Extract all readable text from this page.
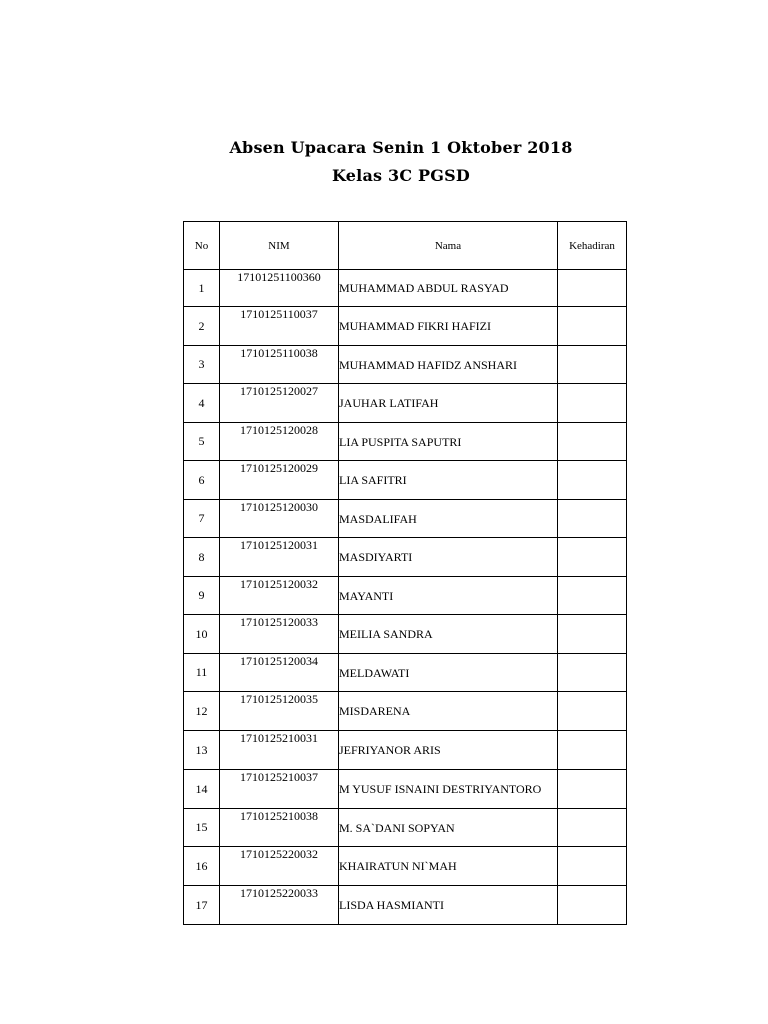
Absen Upacara Senin 1 Oktober 2018
Kelas 3C PGSD
No	NIM	Nama	Kehadiran
1	17101251100360	MUHAMMAD ABDUL RASYAD	
2	1710125110037	MUHAMMAD FIKRI HAFIZI	
3	1710125110038	MUHAMMAD HAFIDZ ANSHARI	
4	1710125120027	JAUHAR LATIFAH	
5	1710125120028	LIA PUSPITA SAPUTRI	
6	1710125120029	LIA SAFITRI	
7	1710125120030	MASDALIFAH	
8	1710125120031	MASDIYARTI	
9	1710125120032	MAYANTI	
10	1710125120033	MEILIA SANDRA	
11	1710125120034	MELDAWATI	
12	1710125120035	MISDARENA	
13	1710125210031	JEFRIYANOR ARIS	
14	1710125210037	M YUSUF ISNAINI DESTRIYANTORO	
15	1710125210038	M. SA`DANI SOPYAN	
16	1710125220032	KHAIRATUN NI`MAH	
17	1710125220033	LISDA HASMIANTI	
